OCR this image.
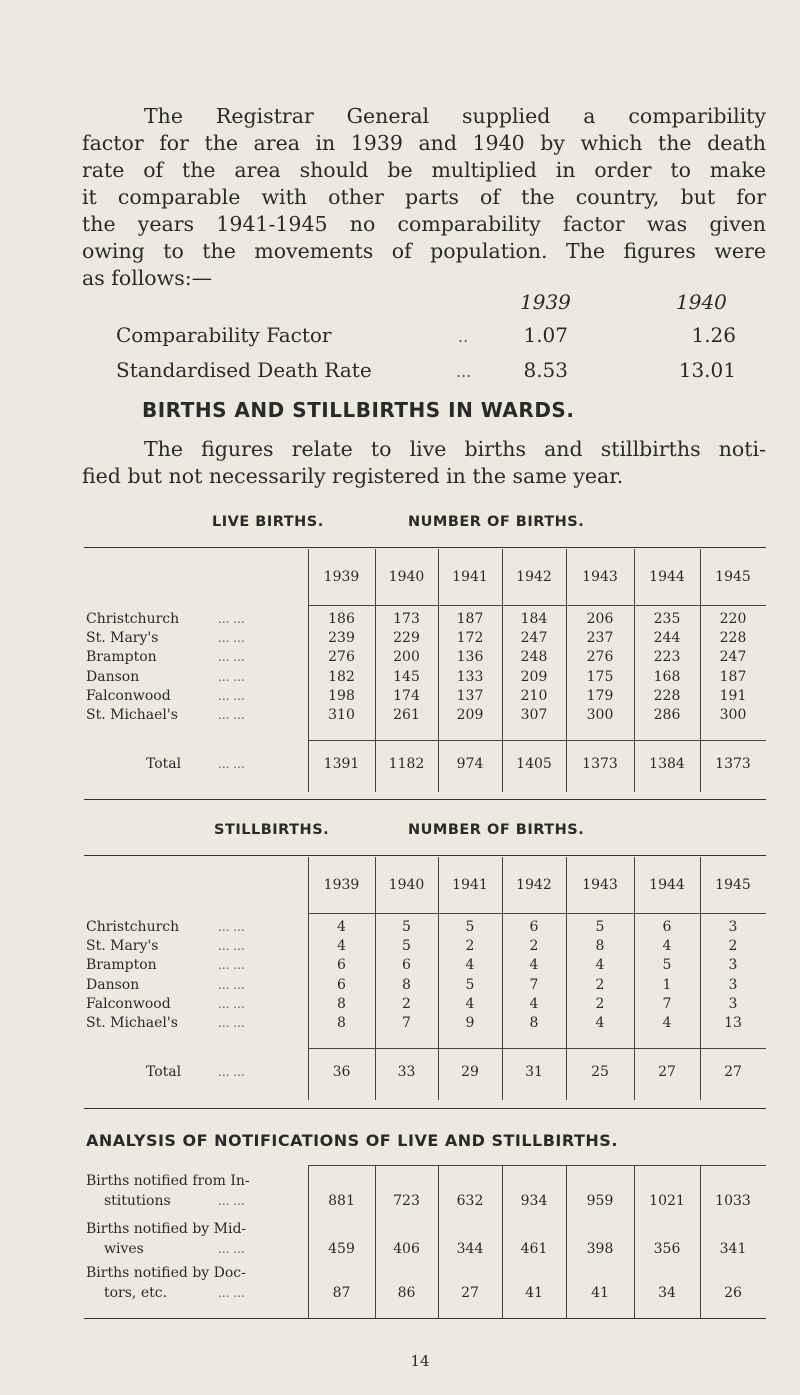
The Registrar General supplied a comparibility
factor for the area in 1939 and 1940 by which the death
rate of the area should be multiplied in order to make
it comparable with other parts of the country, but for
the years 1941-1945 no comparability factor was given
owing to the movements of population. The figures were
as follows:—
1939	1940
Comparability Factor	..	1.07	1.26
Standardised Death Rate	...	8.53	13.01
BIRTHS AND STILLBIRTHS IN WARDS.
The figures relate to live births and stillbirths noti-
fied but not necessarily registered in the same year.
LIVE BIRTHS.	NUMBER OF BIRTHS.
1939	1940	1941	1942	1943	1944	1945
Christchurch	... ...	186	173	187	184	206	235	220
St. Mary's	... ...	239	229	172	247	237	244	228
Brampton	... ...	276	200	136	248	276	223	247
Danson	... ...	182	145	133	209	175	168	187
Falconwood	... ...	198	174	137	210	179	228	191
St. Michael's	... ...	310	261	209	307	300	286	300
Total	... ...	1391	1182	974	1405	1373	1384	1373
STILLBIRTHS.	NUMBER OF BIRTHS.
1939	1940	1941	1942	1943	1944	1945
Christchurch	... ...	4	5	5	6	5	6	3
St. Mary's	... ...	4	5	2	2	8	4	2
Brampton	... ...	6	6	4	4	4	5	3
Danson	... ...	6	8	5	7	2	1	3
Falconwood	... ...	8	2	4	4	2	7	3
St. Michael's	... ...	8	7	9	8	4	4	13
Total	... ...	36	33	29	31	25	27	27
ANALYSIS OF NOTIFICATIONS OF LIVE AND STILLBIRTHS.
Births notified from In-
stitutions	... ...	881	723	632	934	959	1021	1033
Births notified by Mid-
wives	... ...	459	406	344	461	398	356	341
Births notified by Doc-
tors, etc.	... ...	87	86	27	41	41	34	26
14
